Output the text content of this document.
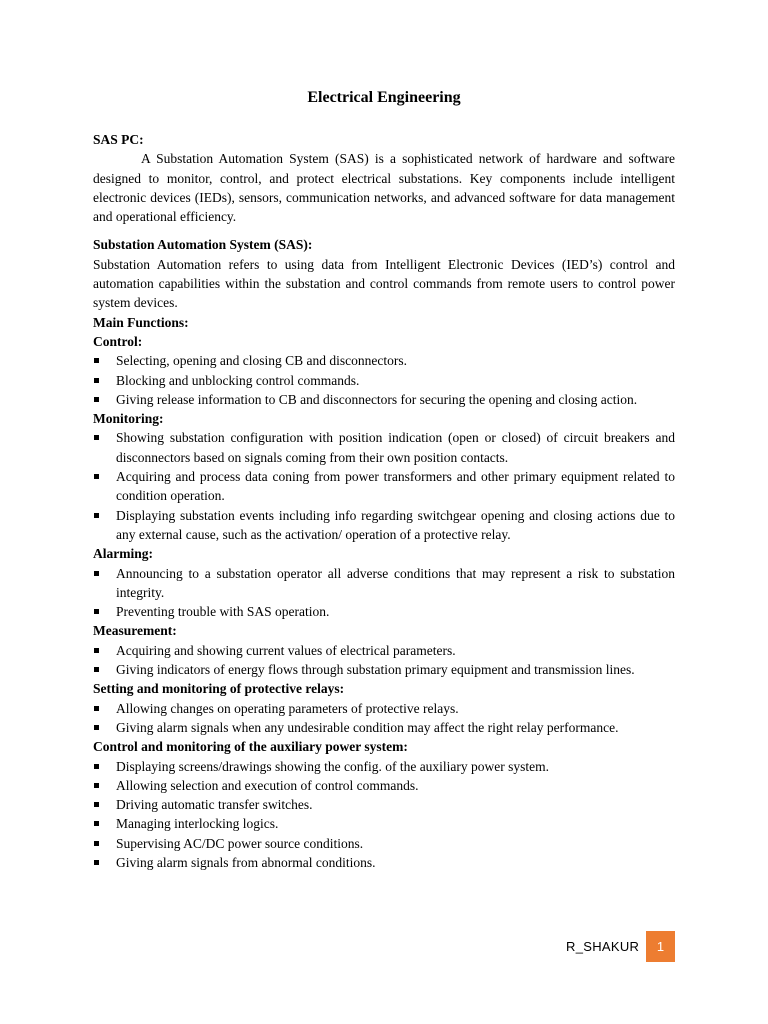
Electrical Engineering

SAS PC:

A Substation Automation System (SAS) is a sophisticated network of hardware and software designed to monitor, control, and protect electrical substations. Key components include intelligent electronic devices (IEDs), sensors, communication networks, and advanced software for data management and operational efficiency.

Substation Automation System (SAS):

Substation Automation refers to using data from Intelligent Electronic Devices (IED’s) control and automation capabilities within the substation and control commands from remote users to control power system devices.

Main Functions:

Control:

Selecting, opening and closing CB and disconnectors.
Blocking and unblocking control commands.
Giving release information to CB and disconnectors for securing the opening and closing action.

Monitoring:

Showing substation configuration with position indication (open or closed) of circuit breakers and disconnectors based on signals coming from their own position contacts.
Acquiring and process data coning from power transformers and other primary equipment related to condition operation.
Displaying substation events including info regarding switchgear opening and closing actions due to any external cause, such as the activation/ operation of a protective relay.

Alarming:

Announcing to a substation operator all adverse conditions that may represent a risk to substation integrity.
Preventing trouble with SAS operation.

Measurement:

Acquiring and showing current values of electrical parameters.
Giving indicators of energy flows through substation primary equipment and transmission lines.

Setting and monitoring of protective relays:

Allowing changes on operating parameters of protective relays.
Giving alarm signals when any undesirable condition may affect the right relay performance.

Control and monitoring of the auxiliary power system:

Displaying screens/drawings showing the config. of the auxiliary power system.
Allowing selection and execution of control commands.
Driving automatic transfer switches.
Managing interlocking logics.
Supervising AC/DC power source conditions.
Giving alarm signals from abnormal conditions.
R_SHAKUR	1
